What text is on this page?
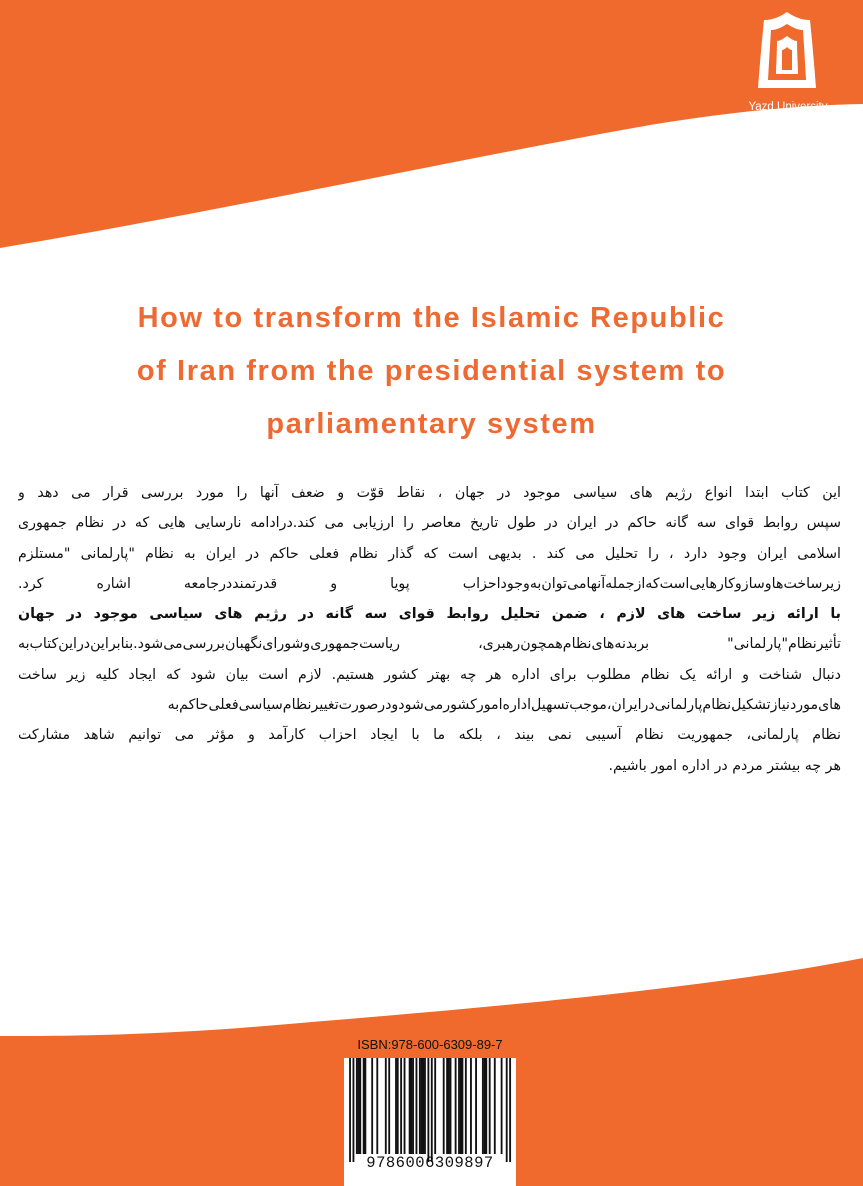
Yazd University
How to transform the Islamic Republic
of Iran from the presidential system to
parliamentary system
این کتاب ابتدا انواع رژیم های سیاسی موجود در جهان ، نقاط قوّت و ضعف آنها را مورد بررسی قرار می دهد و
سپس روابط قوای سه گانه حاکم در ایران در طول تاریخ معاصر را ارزیابی می کند.درادامه نارسایی هایی که در نظام جمهوری
اسلامی ایران وجود دارد ، را تحلیل می کند . بدیهی است که گذار نظام فعلی حاکم در ایران به نظام "پارلمانی "مستلزم
زیرساخت‌هاوسازوکارهایی‌است‌که‌ازجمله‌آنهامی‌توان‌به‌وجوداحزاب پویا و قدرتمنددرجامعه اشاره کرد.
با ارائه زیر ساخت های لازم ، ضمن تحلیل روابط قوای سه گانه در رژیم های سیاسی موجود در جهان
تأثیرنظام‌"پارلمانی" بر‌بدنه‌های‌نظام‌همچون‌رهبری، ریاست‌جمهوری‌و‌شورای‌نگهبان‌بررسی‌می‌شود.بنابراین‌در‌این‌کتاب‌به
دنبال شناخت و ارائه یک نظام مطلوب برای اداره هر چه بهتر کشور هستیم. لازم است بیان شود که ایجاد کلیه زیر ساخت
های‌موردنیاز‌تشکیل‌نظام‌پارلمانی‌درایران،موجب‌تسهیل‌اداره‌امورکشورمی‌شودو‌درصورت‌تغییر‌نظام‌سیاسی‌فعلی‌حاکم‌به
نظام پارلمانی، جمهوریت نظام آسیبی نمی بیند ، بلکه ما با ایجاد احزاب کارآمد و مؤثر می توانیم شاهد مشارکت
هر چه بیشتر مردم در اداره امور باشیم.
ISBN:978-600-6309-89-7
9786006309897
